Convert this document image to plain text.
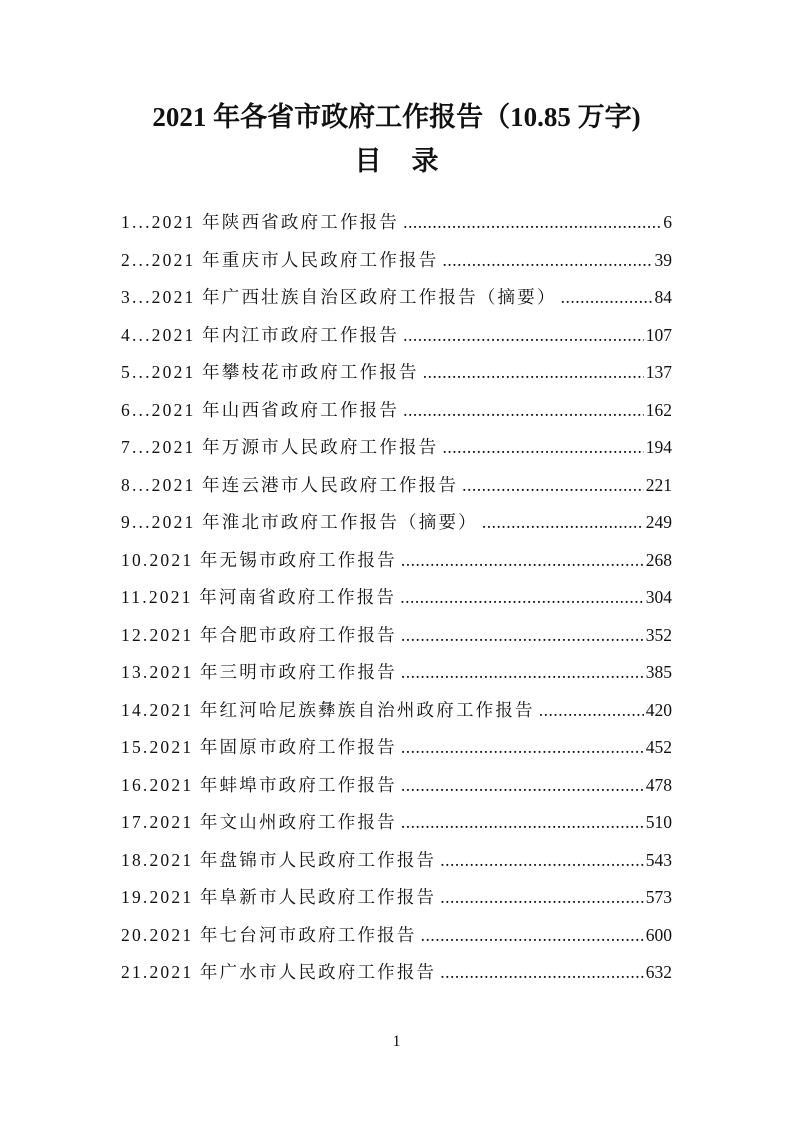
2021 年各省市政府工作报告（10.85 万字)
目 录
1...2021 年陕西省政府工作报告 .....	6
2...2021 年重庆市人民政府工作报告 .....	39
3...2021 年广西壮族自治区政府工作报告（摘要） .....	84
4...2021 年内江市政府工作报告 .....	107
5...2021 年攀枝花市政府工作报告 .....	137
6...2021 年山西省政府工作报告 .....	162
7...2021 年万源市人民政府工作报告 .....	194
8...2021 年连云港市人民政府工作报告 .....	221
9...2021 年淮北市政府工作报告（摘要） .....	249
10.2021 年无锡市政府工作报告 .....	268
11.2021 年河南省政府工作报告 .....	304
12.2021 年合肥市政府工作报告 .....	352
13.2021 年三明市政府工作报告 .....	385
14.2021 年红河哈尼族彝族自治州政府工作报告 .....	420
15.2021 年固原市政府工作报告 .....	452
16.2021 年蚌埠市政府工作报告 .....	478
17.2021 年文山州政府工作报告 .....	510
18.2021 年盘锦市人民政府工作报告 .....	543
19.2021 年阜新市人民政府工作报告 .....	573
20.2021 年七台河市政府工作报告 .....	600
21.2021 年广水市人民政府工作报告 .....	632
1
